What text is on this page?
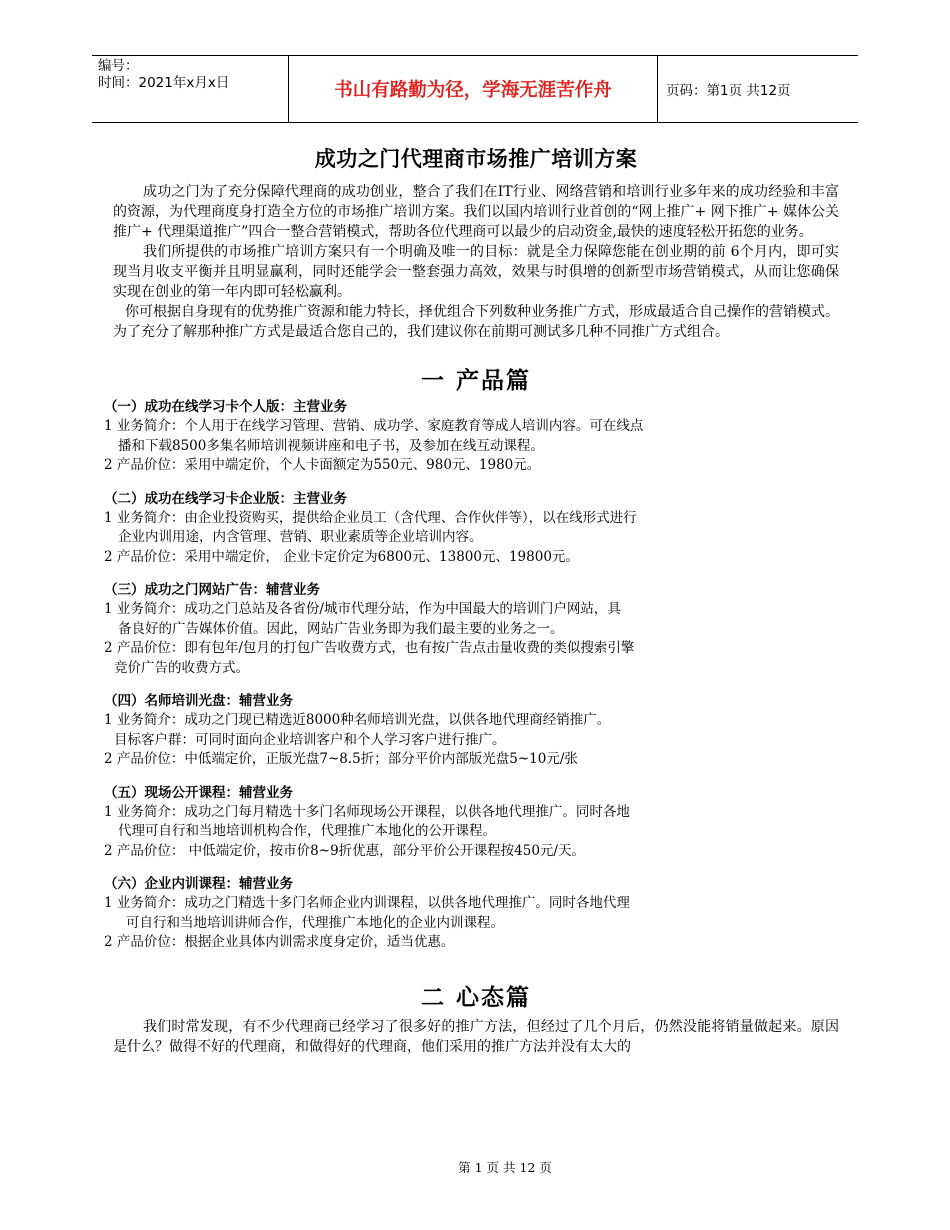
编号：
时间：2021年x月x日	书山有路勤为径，学海无涯苦作舟	页码：第1页 共12页
成功之门代理商市场推广培训方案

成功之门为了充分保障代理商的成功创业，整合了我们在IT行业、网络营销和培训行业多年来的成功经验和丰富的资源，为代理商度身打造全方位的市场推广培训方案。我们以国内培训行业首创的“网上推广+ 网下推广+ 媒体公关推广+ 代理渠道推广”四合一整合营销模式，帮助各位代理商可以最少的启动资金,最快的速度轻松开拓您的业务。

我们所提供的市场推广培训方案只有一个明确及唯一的目标：就是全力保障您能在创业期的前 6个月内，即可实现当月收支平衡并且明显赢利，同时还能学会一整套强力高效，效果与时俱增的创新型市场营销模式，从而让您确保实现在创业的第一年内即可轻松赢利。

你可根据自身现有的优势推广资源和能力特长，择优组合下列数种业务推广方式，形成最适合自己操作的营销模式。为了充分了解那种推广方式是最适合您自己的，我们建议你在前期可测试多几种不同推广方式组合。

一 产品篇
（一）成功在线学习卡个人版：主营业务
1 业务简介：个人用于在线学习管理、营销、成功学、家庭教育等成人培训内容。可在线点
播和下载8500多集名师培训视频讲座和电子书，及参加在线互动课程。
2 产品价位：采用中端定价，个人卡面额定为550元、980元、1980元。
（二）成功在线学习卡企业版：主营业务
1 业务简介：由企业投资购买，提供给企业员工（含代理、合作伙伴等），以在线形式进行
企业内训用途，内含管理、营销、职业素质等企业培训内容。
2 产品价位：采用中端定价， 企业卡定价定为6800元、13800元、19800元。
（三）成功之门网站广告：辅营业务
1 业务简介：成功之门总站及各省份/城市代理分站，作为中国最大的培训门户网站，具
备良好的广告媒体价值。因此，网站广告业务即为我们最主要的业务之一。
2 产品价位：即有包年/包月的打包广告收费方式，也有按广告点击量收费的类似搜索引擎
竞价广告的收费方式。
（四）名师培训光盘：辅营业务
1 业务简介：成功之门现已精选近8000种名师培训光盘，以供各地代理商经销推广。
目标客户群：可同时面向企业培训客户和个人学习客户进行推广。
2 产品价位：中低端定价，正版光盘7~8.5折；部分平价内部版光盘5~10元/张
（五）现场公开课程：辅营业务
1 业务简介：成功之门每月精选十多门名师现场公开课程，以供各地代理推广。同时各地
代理可自行和当地培训机构合作，代理推广本地化的公开课程。
2 产品价位： 中低端定价，按市价8~9折优惠，部分平价公开课程按450元/天。
（六）企业内训课程：辅营业务
1 业务简介：成功之门精选十多门名师企业内训课程，以供各地代理推广。同时各地代理
可自行和当地培训讲师合作，代理推广本地化的企业内训课程。
2 产品价位：根据企业具体内训需求度身定价，适当优惠。
二 心态篇

我们时常发现，有不少代理商已经学习了很多好的推广方法，但经过了几个月后，仍然没能将销量做起来。原因是什么？做得不好的代理商，和做得好的代理商，他们采用的推广方法并没有太大的

第 1 页 共 12 页
